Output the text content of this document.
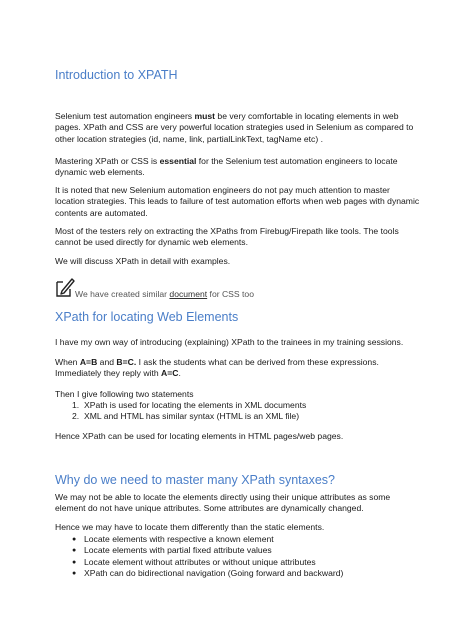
Introduction to XPATH
Selenium test automation engineers must be very comfortable in locating elements in web
pages. XPath and CSS are very powerful location strategies used in Selenium as compared to
other location strategies (id, name, link, partialLinkText, tagName etc) .
Mastering XPath or CSS is essential for the Selenium test automation engineers to locate
dynamic web elements.
It is noted that new Selenium automation engineers do not pay much attention to master
location strategies. This leads to failure of test automation efforts when web pages with dynamic
contents are automated.
Most of the testers rely on extracting the XPaths from Firebug/Firepath like tools. The tools
cannot be used directly for dynamic web elements.
We will discuss XPath in detail with examples.
We have created similar document for CSS too
XPath for locating Web Elements
I have my own way of introducing (explaining) XPath to the trainees in my training sessions.
When A=B and B=C. I ask the students what can be derived from these expressions.
Immediately they reply with A=C.
Then I give following two statements
1. XPath is used for locating the elements in XML documents
2. XML and HTML has similar syntax (HTML is an XML file)
Hence XPath can be used for locating elements in HTML pages/web pages.
Why do we need to master many XPath syntaxes?
We may not be able to locate the elements directly using their unique attributes as some
element do not have unique attributes. Some attributes are dynamically changed.
Hence we may have to locate them differently than the static elements.
● Locate elements with respective a known element
● Locate elements with partial fixed attribute values
● Locate element without attributes or without unique attributes
● XPath can do bidirectional navigation (Going forward and backward)
